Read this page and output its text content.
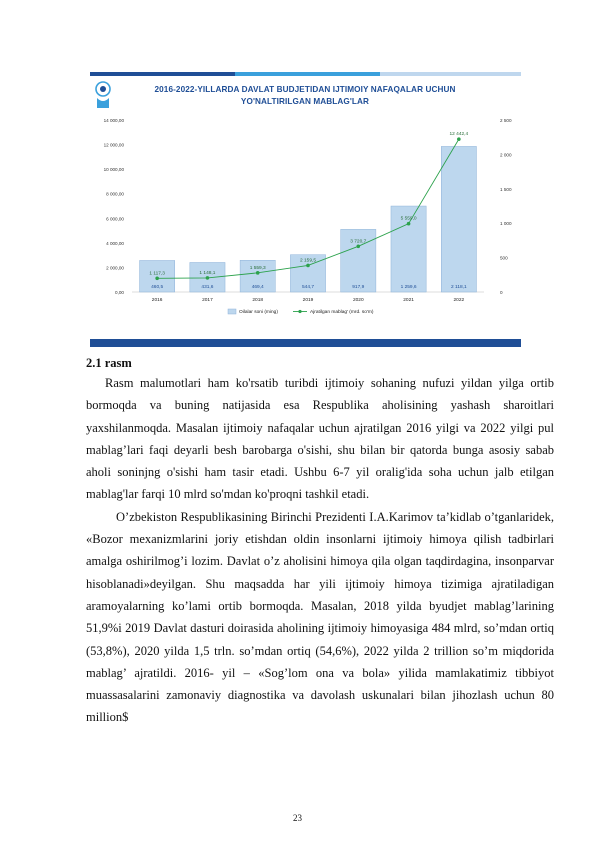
2016-2022-YILLARDA DAVLAT BUDJETIDAN IJTIMOIY NAFAQALAR UCHUN
YO'NALTIRILGAN MABLAG'LAR
0,00
2 000,00
4 000,00
6 000,00
8 000,00
10 000,00
12 000,00
14 000,00
0
500
1 000
1 500
2 000
2 500
460,5	431,6	469,4	544,7	917,9	1 259,6	2 118,1
1 117,3	1 148,1
1 559,3
2 159,5
3 720,7
5 559,0
12 442,4
2016	2017	2018	2019	2020	2021	2022
Oilalar soni (ming)	Ajratilgan mablag' (mrd. so'm)
2.1 rasm

Rasm malumotlari ham ko'rsatib turibdi ijtimoiy sohaning nufuzi yildan yilga ortib bormoqda va buning natijasida esa Respublika aholisining yashash sharoitlari yaxshilanmoqda. Masalan ijtimoiy nafaqalar uchun ajratilgan 2016 yilgi va 2022 yilgi pul mablag’lari faqi deyarli besh barobarga o'sishi, shu bilan bir qatorda bunga asosiy sabab aholi soninjng o'sishi ham tasir etadi. Ushbu 6-7 yil oralig'ida soha uchun jalb etilgan mablag'lar farqi 10 mlrd so'mdan ko'proqni tashkil etadi.

O’zbekiston Respublikasining Birinchi Prezidenti I.A.Karimov ta’kidlab o’tganlaridek, «Bozor mexanizmlarini joriy etishdan oldin insonlarni ijtimoiy himoya qilish tadbirlari amalga oshirilmog’i lozim. Davlat o’z aholisini himoya qila olgan taqdirdagina, insonparvar hisoblanadi»deyilgan. Shu maqsadda har yili ijtimoiy himoya tizimiga ajratiladigan aramoyalarning ko’lami ortib bormoqda. Masalan, 2018 yilda byudjet mablag’larining 51,9%i 2019 Davlat dasturi doirasida aholining ijtimoiy himoyasiga 484 mlrd, so’mdan ortiq (53,8%), 2020 yilda 1,5 trln. so’mdan ortiq (54,6%), 2022 yilda 2 trillion so’m miqdorida mablag’ ajratildi. 2016- yil – «Sog’lom ona va bola» yilida mamlakatimiz tibbiyot muassasalarini zamonaviy diagnostika va davolash uskunalari bilan jihozlash uchun 80 million$

23
